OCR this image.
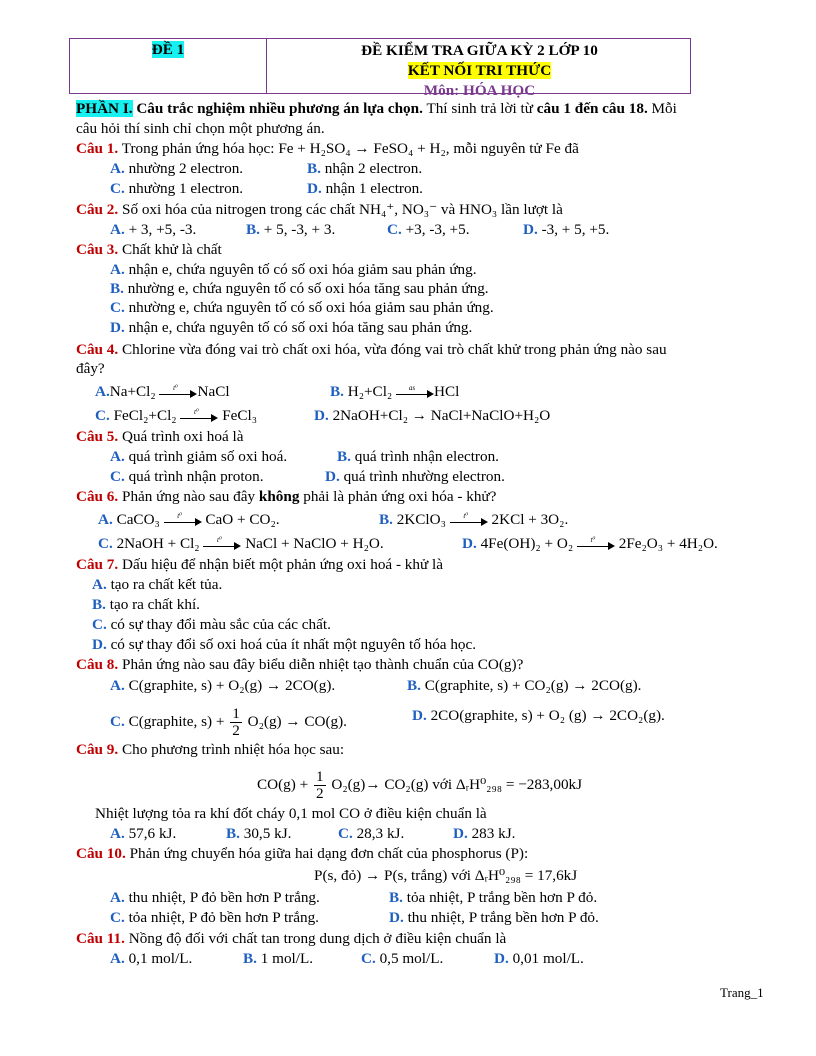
ĐỀ 1	ĐỀ KIỂM TRA GIỮA KỲ 2 LỚP 10
KẾT NỐI TRI THỨC
Môn: HÓA HỌC
PHẦN I. Câu trắc nghiệm nhiều phương án lựa chọn. Thí sinh trả lời từ câu 1 đến câu 18. Mỗi
câu hỏi thí sinh chỉ chọn một phương án.
Câu 1. Trong phản ứng hóa học: Fe + H₂SO₄ → FeSO₄ + H₂, mỗi nguyên tử Fe đã
A. nhường 2 electron.	B. nhận 2 electron.
C. nhường 1 electron.	D. nhận 1 electron.
Câu 2. Số oxi hóa của nitrogen trong các chất NH₄⁺, NO₃⁻ và HNO₃ lần lượt là
A. + 3, +5, -3.	B. + 5, -3, + 3.	C. +3, -3, +5.	D. -3, + 5, +5.
Câu 3. Chất khử là chất
A. nhận e, chứa nguyên tố có số oxi hóa giảm sau phản ứng.
B. nhường e, chứa nguyên tố có số oxi hóa tăng sau phản ứng.
C. nhường e, chứa nguyên tố có số oxi hóa giảm sau phản ứng.
D. nhận e, chứa nguyên tố có số oxi hóa tăng sau phản ứng.
Câu 4. Chlorine vừa đóng vai trò chất oxi hóa, vừa đóng vai trò chất khử trong phản ứng nào sau
đây?
A.Na+Cl₂	t⁰	NaCl	B. H₂+Cl₂	as	HCl
C. FeCl₂+Cl₂	t⁰	FeCl₃	D. 2NaOH+Cl₂ → NaCl+NaClO+H₂O
Câu 5. Quá trình oxi hoá là
A. quá trình giảm số oxi hoá.	B. quá trình nhận electron.
C. quá trình nhận proton.	D. quá trình nhường electron.
Câu 6. Phản ứng nào sau đây không phải là phản ứng oxi hóa - khử?
A. CaCO₃	t⁰	CaO + CO₂.	B. 2KClO₃	t⁰	2KCl + 3O₂.
C. 2NaOH + Cl₂	t⁰	NaCl + NaClO + H₂O.	D. 4Fe(OH)₂ + O₂	t⁰	2Fe₂O₃ + 4H₂O.
Câu 7. Dấu hiệu để nhận biết một phản ứng oxi hoá - khử là
A. tạo ra chất kết tủa.
B. tạo ra chất khí.
C. có sự thay đổi màu sắc của các chất.
D. có sự thay đổi số oxi hoá của ít nhất một nguyên tố hóa học.
Câu 8. Phản ứng nào sau đây biểu diễn nhiệt tạo thành chuẩn của CO(g)?
A. C(graphite, s) + O₂(g) → 2CO(g).	B. C(graphite, s) + CO₂(g) → 2CO(g).
C. C(graphite, $s) + \frac{1}{2} O_2(g) \to CO(g)$.	D. 2CO(graphite, s) + O₂ (g) → 2CO₂(g).
Câu 9. Cho phương trình nhiệt hóa học sau:
$CO(g) + \frac{1}{2} O_2(g)\to CO_2(g)$ với ΔᵣH⁰₂₉₈ = −283,00kJ
Nhiệt lượng tỏa ra khí đốt cháy 0,1 mol CO ở điều kiện chuẩn là
A. 57,6 kJ.	B. 30,5 kJ.	C. 28,3 kJ.	D. 283 kJ.
Câu 10. Phản ứng chuyển hóa giữa hai dạng đơn chất của phosphorus (P):
P(s, đỏ) → P(s, trắng) với ΔᵣH⁰₂₉₈ = 17,6kJ
A. thu nhiệt, P đỏ bền hơn P trắng.	B. tỏa nhiệt, P trắng bền hơn P đỏ.
C. tỏa nhiệt, P đỏ bền hơn P trắng.	D. thu nhiệt, P trắng bền hơn P đỏ.
Câu 11. Nồng độ đối với chất tan trong dung dịch ở điều kiện chuẩn là
A. 0,1 mol/L.	B. 1 mol/L.	C. 0,5 mol/L.	D. 0,01 mol/L.
Trang_1
